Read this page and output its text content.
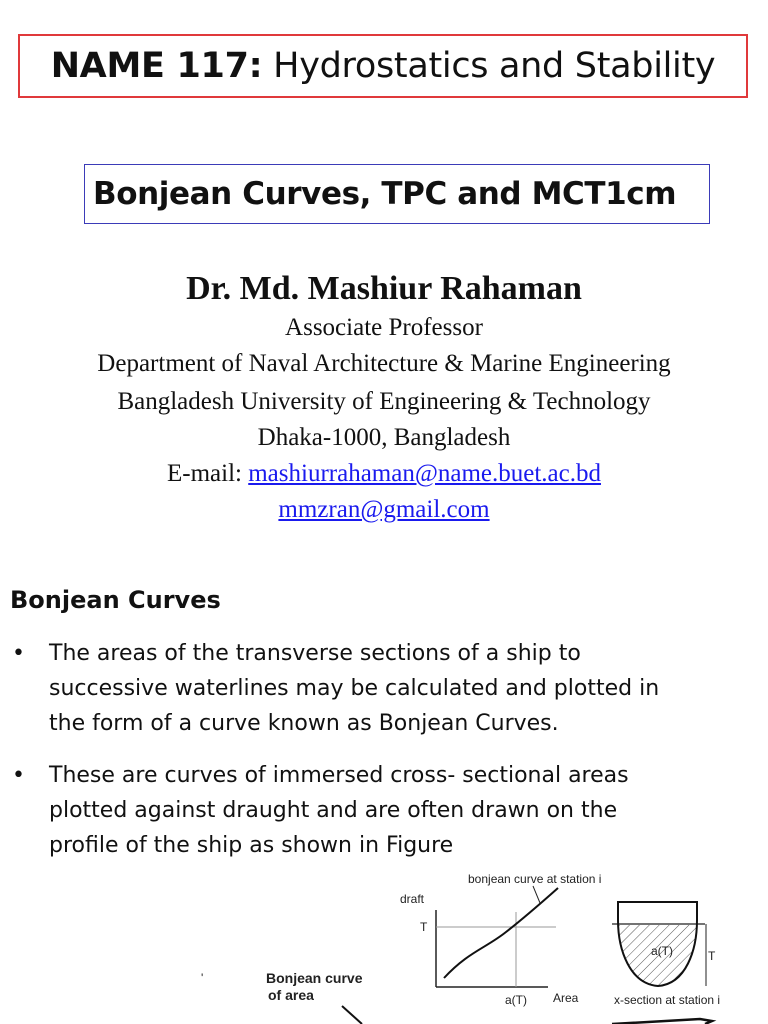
NAME 117: Hydrostatics and Stability
Bonjean Curves, TPC and MCT1cm
Dr. Md. Mashiur Rahaman
Associate Professor
Department of Naval Architecture & Marine Engineering
Bangladesh University of Engineering & Technology
Dhaka-1000, Bangladesh
E-mail: mashiurrahaman@name.buet.ac.bd
mmzran@gmail.com
Bonjean Curves
• The areas of the transverse sections of a ship to
successive waterlines may be calculated and plotted in
the form of a curve known as Bonjean Curves.
• These are curves of immersed cross- sectional areas
plotted against draught and are often drawn on the
profile of the ship as shown in Figure
bonjean curve at station i
draft
T
a(T) Area
a(T)	T
x-section at station i
'	Bonjean curve
of area
